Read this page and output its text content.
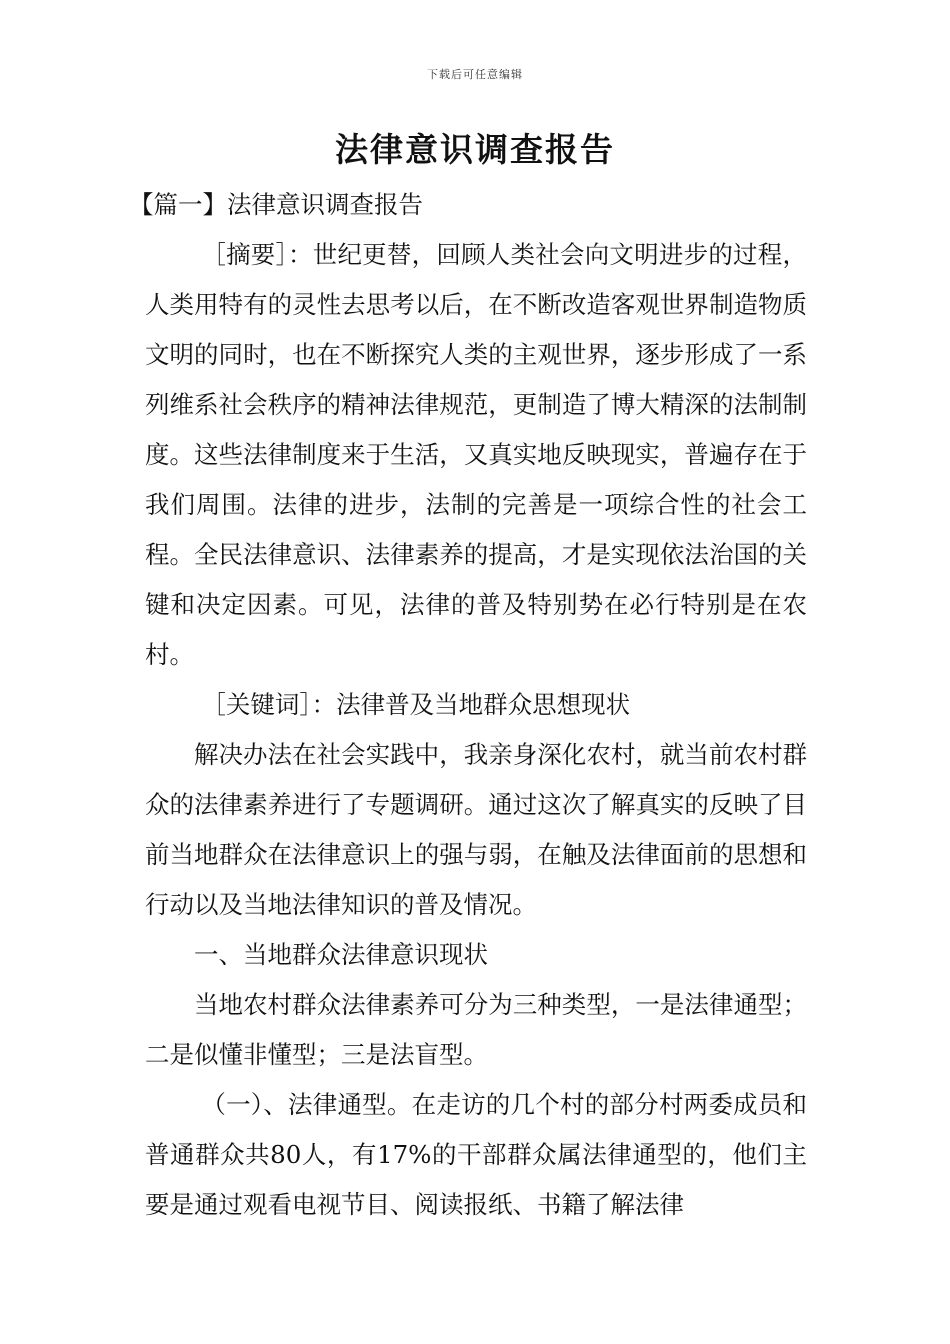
下载后可任意编辑
法律意识调查报告

【篇一】法律意识调查报告

［摘要］：世纪更替，回顾人类社会向文明进步的过程，人类用特有的灵性去思考以后，在不断改造客观世界制造物质文明的同时，也在不断探究人类的主观世界，逐步形成了一系列维系社会秩序的精神法律规范，更制造了博大精深的法制制度。这些法律制度来于生活，又真实地反映现实，普遍存在于我们周围。法律的进步，法制的完善是一项综合性的社会工程。全民法律意识、法律素养的提高，才是实现依法治国的关键和决定因素。可见，法律的普及特别势在必行特别是在农村。

［关键词］：法律普及当地群众思想现状

解决办法在社会实践中，我亲身深化农村，就当前农村群众的法律素养进行了专题调研。通过这次了解真实的反映了目前当地群众在法律意识上的强与弱，在触及法律面前的思想和行动以及当地法律知识的普及情况。

一、当地群众法律意识现状

当地农村群众法律素养可分为三种类型，一是法律通型；二是似懂非懂型；三是法盲型。

（一）、法律通型。在走访的几个村的部分村两委成员和普通群众共80人，有17%的干部群众属法律通型的，他们主要是通过观看电视节目、阅读报纸、书籍了解法律
